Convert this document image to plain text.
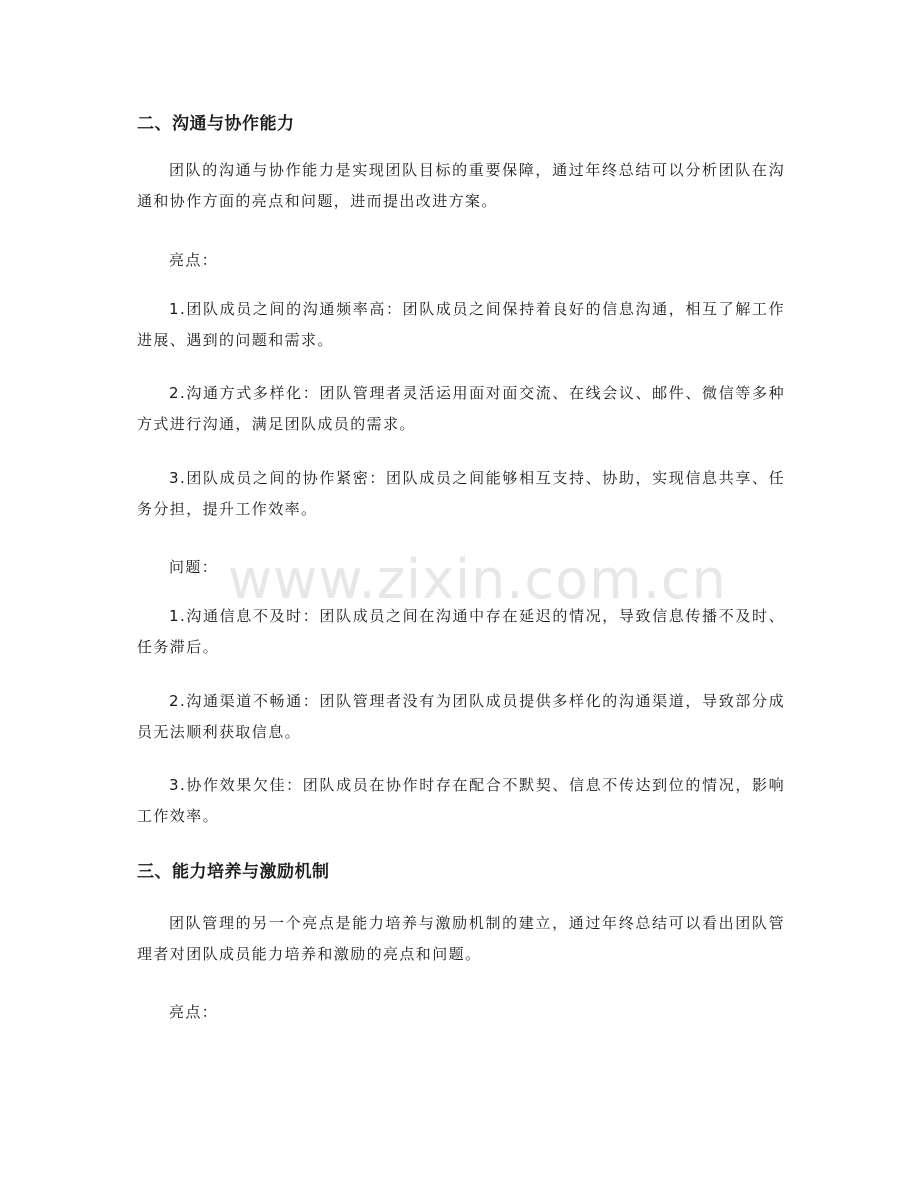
二、沟通与协作能力

团队的沟通与协作能力是实现团队目标的重要保障，通过年终总结可以分析团队在沟通和协作方面的亮点和问题，进而提出改进方案。

亮点：

1.团队成员之间的沟通频率高：团队成员之间保持着良好的信息沟通，相互了解工作进展、遇到的问题和需求。

2.沟通方式多样化：团队管理者灵活运用面对面交流、在线会议、邮件、微信等多种方式进行沟通，满足团队成员的需求。

3.团队成员之间的协作紧密：团队成员之间能够相互支持、协助，实现信息共享、任务分担，提升工作效率。

问题：

1.沟通信息不及时：团队成员之间在沟通中存在延迟的情况，导致信息传播不及时、任务滞后。

2.沟通渠道不畅通：团队管理者没有为团队成员提供多样化的沟通渠道，导致部分成员无法顺利获取信息。

3.协作效果欠佳：团队成员在协作时存在配合不默契、信息不传达到位的情况，影响工作效率。

三、能力培养与激励机制

团队管理的另一个亮点是能力培养与激励机制的建立，通过年终总结可以看出团队管理者对团队成员能力培养和激励的亮点和问题。

亮点：

www.zixin.com.cn
